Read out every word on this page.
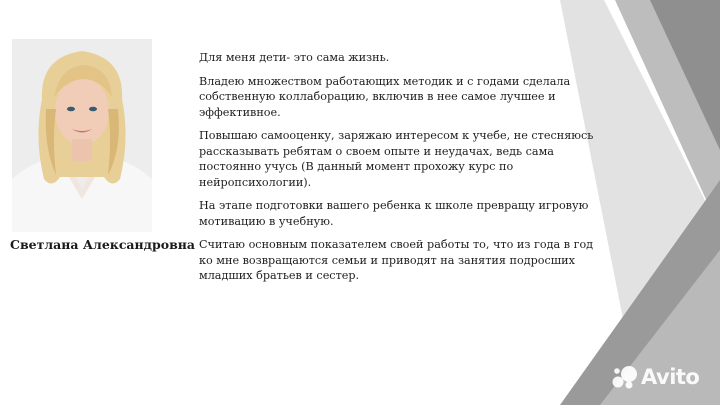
Светлана Александровна

Для меня дети- это сама жизнь.

Владею множеством работающих методик и с годами сделала собственную коллаборацию, включив в нее самое лучшее и эффективное.

Повышаю самооценку, заряжаю интересом к учебе, не стесняюсь рассказывать ребятам о своем опыте и неудачах, ведь сама постоянно учусь (В данный момент прохожу курс по нейропсихологии).

На этапе подготовки вашего ребенка к школе превращу игровую мотивацию в учебную.

Считаю основным показателем своей работы то, что из года в год ко мне возвращаются семьи и приводят на занятия подросших младших братьев и сестер.

Avito
